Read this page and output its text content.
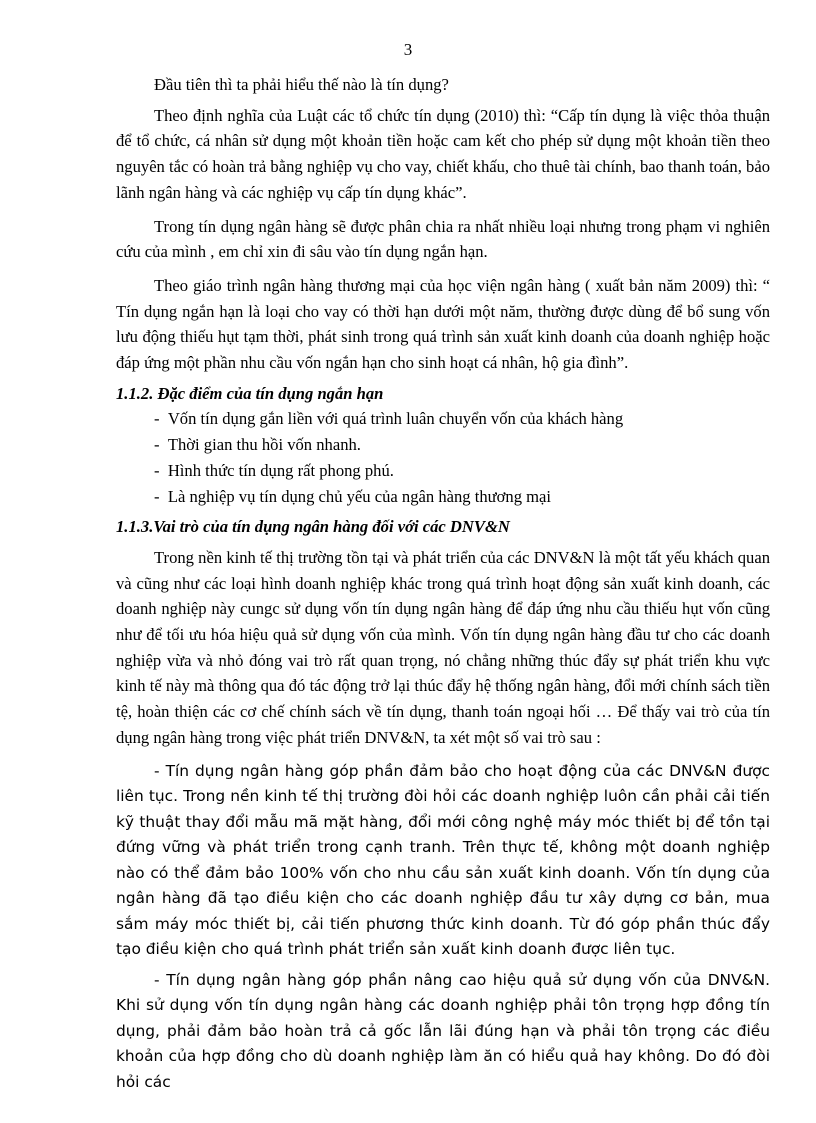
3

Đầu tiên thì ta phải hiểu thế nào là tín dụng?

Theo định nghĩa của Luật các tổ chức tín dụng (2010) thì: “Cấp tín dụng là việc thỏa thuận để tổ chức, cá nhân sử dụng một khoản tiền hoặc cam kết cho phép sử dụng một khoản tiền theo nguyên tắc có hoàn trả bằng nghiệp vụ cho vay, chiết khấu, cho thuê tài chính, bao thanh toán, bảo lãnh ngân hàng và các nghiệp vụ cấp tín dụng khác”.

Trong tín dụng ngân hàng sẽ được phân chia ra nhất nhiều loại nhưng trong phạm vi nghiên cứu của mình , em chỉ xin đi sâu vào tín dụng ngắn hạn.

Theo giáo trình ngân hàng thương mại của học viện ngân hàng ( xuất bản năm 2009) thì: “ Tín dụng ngắn hạn là loại cho vay có thời hạn dưới một năm, thường được dùng để bổ sung vốn lưu động thiếu hụt tạm thời, phát sinh trong quá trình sản xuất kinh doanh của doanh nghiệp hoặc đáp ứng một phần nhu cầu vốn ngắn hạn cho sinh hoạt cá nhân, hộ gia đình”.

1.1.2. Đặc điểm của tín dụng ngắn hạn

-  Vốn tín dụng gắn liền với quá trình luân chuyển vốn của khách hàng
-  Thời gian thu hồi vốn nhanh.
-  Hình thức tín dụng rất phong phú.
-  Là nghiệp vụ tín dụng chủ yếu của ngân hàng thương mại

1.1.3.Vai trò của tín dụng ngân hàng đối với các DNV&N

Trong nền kinh tế thị trường tồn tại và phát triển của các DNV&N là một tất yếu khách quan và cũng như các loại hình doanh nghiệp khác trong quá trình hoạt động sản xuất kinh doanh, các doanh nghiệp này cungc sử dụng vốn tín dụng ngân hàng để đáp ứng nhu cầu thiếu hụt vốn cũng như để tối ưu hóa hiệu quả sử dụng vốn của mình. Vốn tín dụng ngân hàng đầu tư cho các doanh nghiệp vừa và nhỏ đóng vai trò rất quan trọng, nó chẳng những thúc đẩy sự phát triển khu vực kinh tế này mà thông qua đó tác động trở lại thúc đẩy hệ thống ngân hàng, đổi mới chính sách tiền tệ, hoàn thiện các cơ chế chính sách về tín dụng, thanh toán ngoại hối … Để thấy vai trò của tín dụng ngân hàng trong việc phát triển DNV&N, ta xét một số vai trò sau :

- Tín dụng ngân hàng góp phần đảm bảo cho hoạt động của các DNV&N được liên tục. Trong nền kinh tế thị trường đòi hỏi các doanh nghiệp luôn cần phải cải tiến kỹ thuật thay đổi mẫu mã mặt hàng, đổi mới công nghệ máy móc thiết bị để tồn tại đứng vững và phát triển trong cạnh tranh. Trên thực tế, không một doanh nghiệp nào có thể đảm bảo 100% vốn cho nhu cầu sản xuất kinh doanh. Vốn tín dụng của ngân hàng đã tạo điều kiện cho các doanh nghiệp đầu tư xây dựng cơ bản, mua sắm máy móc thiết bị, cải tiến phương thức kinh doanh. Từ đó góp phần thúc đẩy tạo điều kiện cho quá trình phát triển sản xuất kinh doanh được liên tục.

- Tín dụng ngân hàng góp phần nâng cao hiệu quả sử dụng vốn của DNV&N. Khi sử dụng vốn tín dụng ngân hàng các doanh nghiệp phải tôn trọng hợp đồng tín dụng, phải đảm bảo hoàn trả cả gốc lẫn lãi đúng hạn và phải tôn trọng các điều khoản của hợp đồng cho dù doanh nghiệp làm ăn có hiểu quả hay không. Do đó đòi hỏi các
